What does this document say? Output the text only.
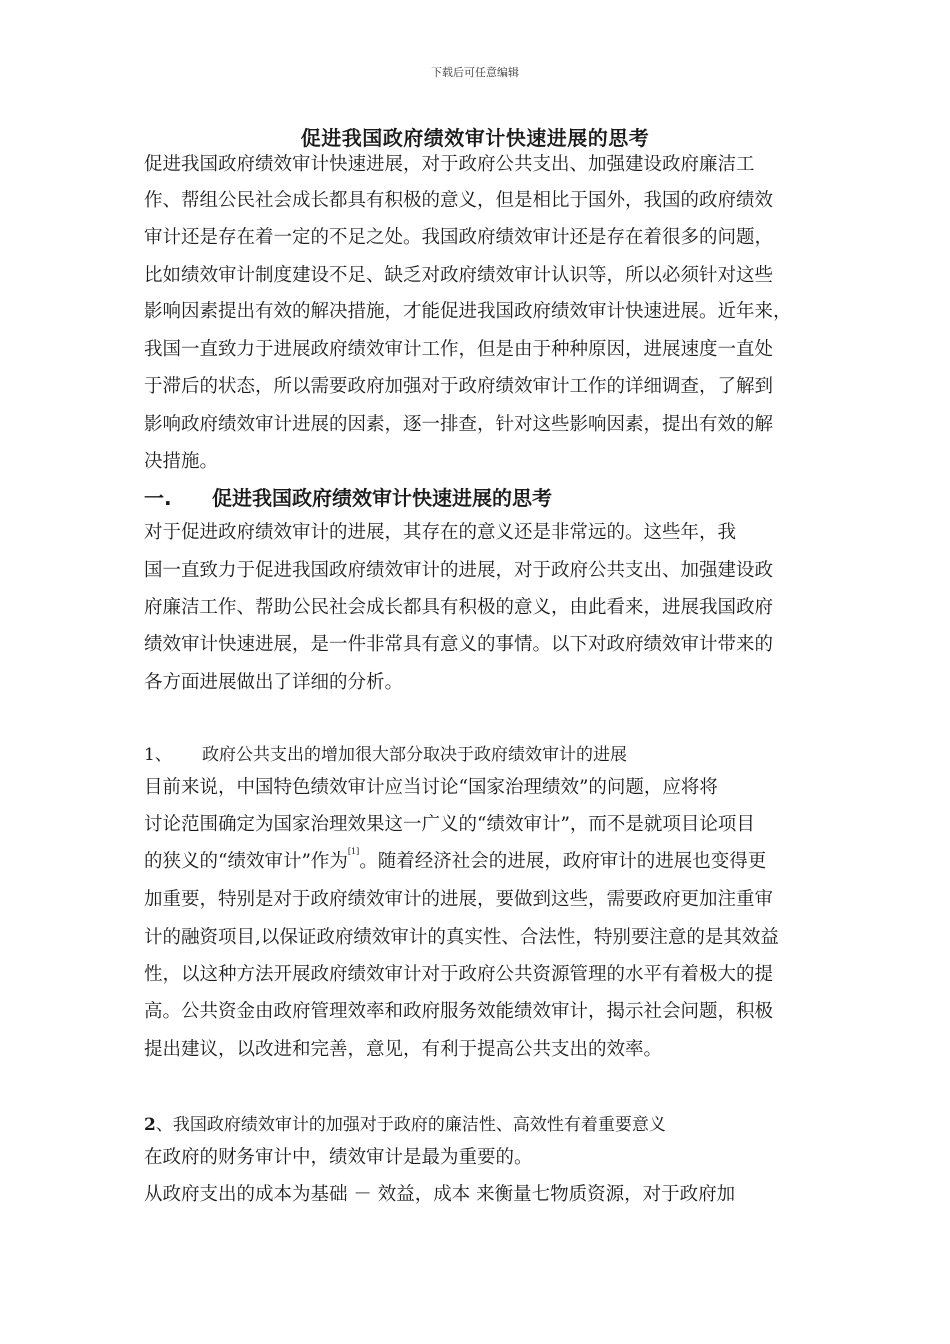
下载后可任意编辑
促进我国政府绩效审计快速进展的思考
促进我国政府绩效审计快速进展，对于政府公共支出、加强建设政府廉洁工
作、帮组公民社会成长都具有积极的意义，但是相比于国外，我国的政府绩效
审计还是存在着一定的不足之处。我国政府绩效审计还是存在着很多的问题，
比如绩效审计制度建设不足、缺乏对政府绩效审计认识等，所以必须针对这些
影响因素提出有效的解决措施，才能促进我国政府绩效审计快速进展。近年来，
我国一直致力于进展政府绩效审计工作，但是由于种种原因，进展速度一直处
于滞后的状态，所以需要政府加强对于政府绩效审计工作的详细调查，了解到
影响政府绩效审计进展的因素，逐一排查，针对这些影响因素，提出有效的解
决措施。
一. 促进我国政府绩效审计快速进展的思考
对于促进政府绩效审计的进展，其存在的意义还是非常远的。这些年，我
国一直致力于促进我国政府绩效审计的进展，对于政府公共支出、加强建设政
府廉洁工作、帮助公民社会成长都具有积极的意义，由此看来，进展我国政府
绩效审计快速进展，是一件非常具有意义的事情。以下对政府绩效审计带来的
各方面进展做出了详细的分析。
1、 政府公共支出的增加很大部分取决于政府绩效审计的进展
目前来说，中国特色绩效审计应当讨论“国家治理绩效”的问题，应将将
讨论范围确定为国家治理效果这一广义的“绩效审计”，而不是就项目论项目
的狭义的“绩效审计”作为[1]。随着经济社会的进展，政府审计的进展也变得更
加重要，特别是对于政府绩效审计的进展，要做到这些，需要政府更加注重审
计的融资项目,以保证政府绩效审计的真实性、合法性，特别要注意的是其效益
性，以这种方法开展政府绩效审计对于政府公共资源管理的水平有着极大的提
高。公共资金由政府管理效率和政府服务效能绩效审计，揭示社会问题，积极
提出建议，以改进和完善，意见，有利于提高公共支出的效率。
2、我国政府绩效审计的加强对于政府的廉洁性、高效性有着重要意义
在政府的财务审计中，绩效审计是最为重要的。
从政府支出的成本为基础 － 效益，成本 来衡量七物质资源，对于政府加
